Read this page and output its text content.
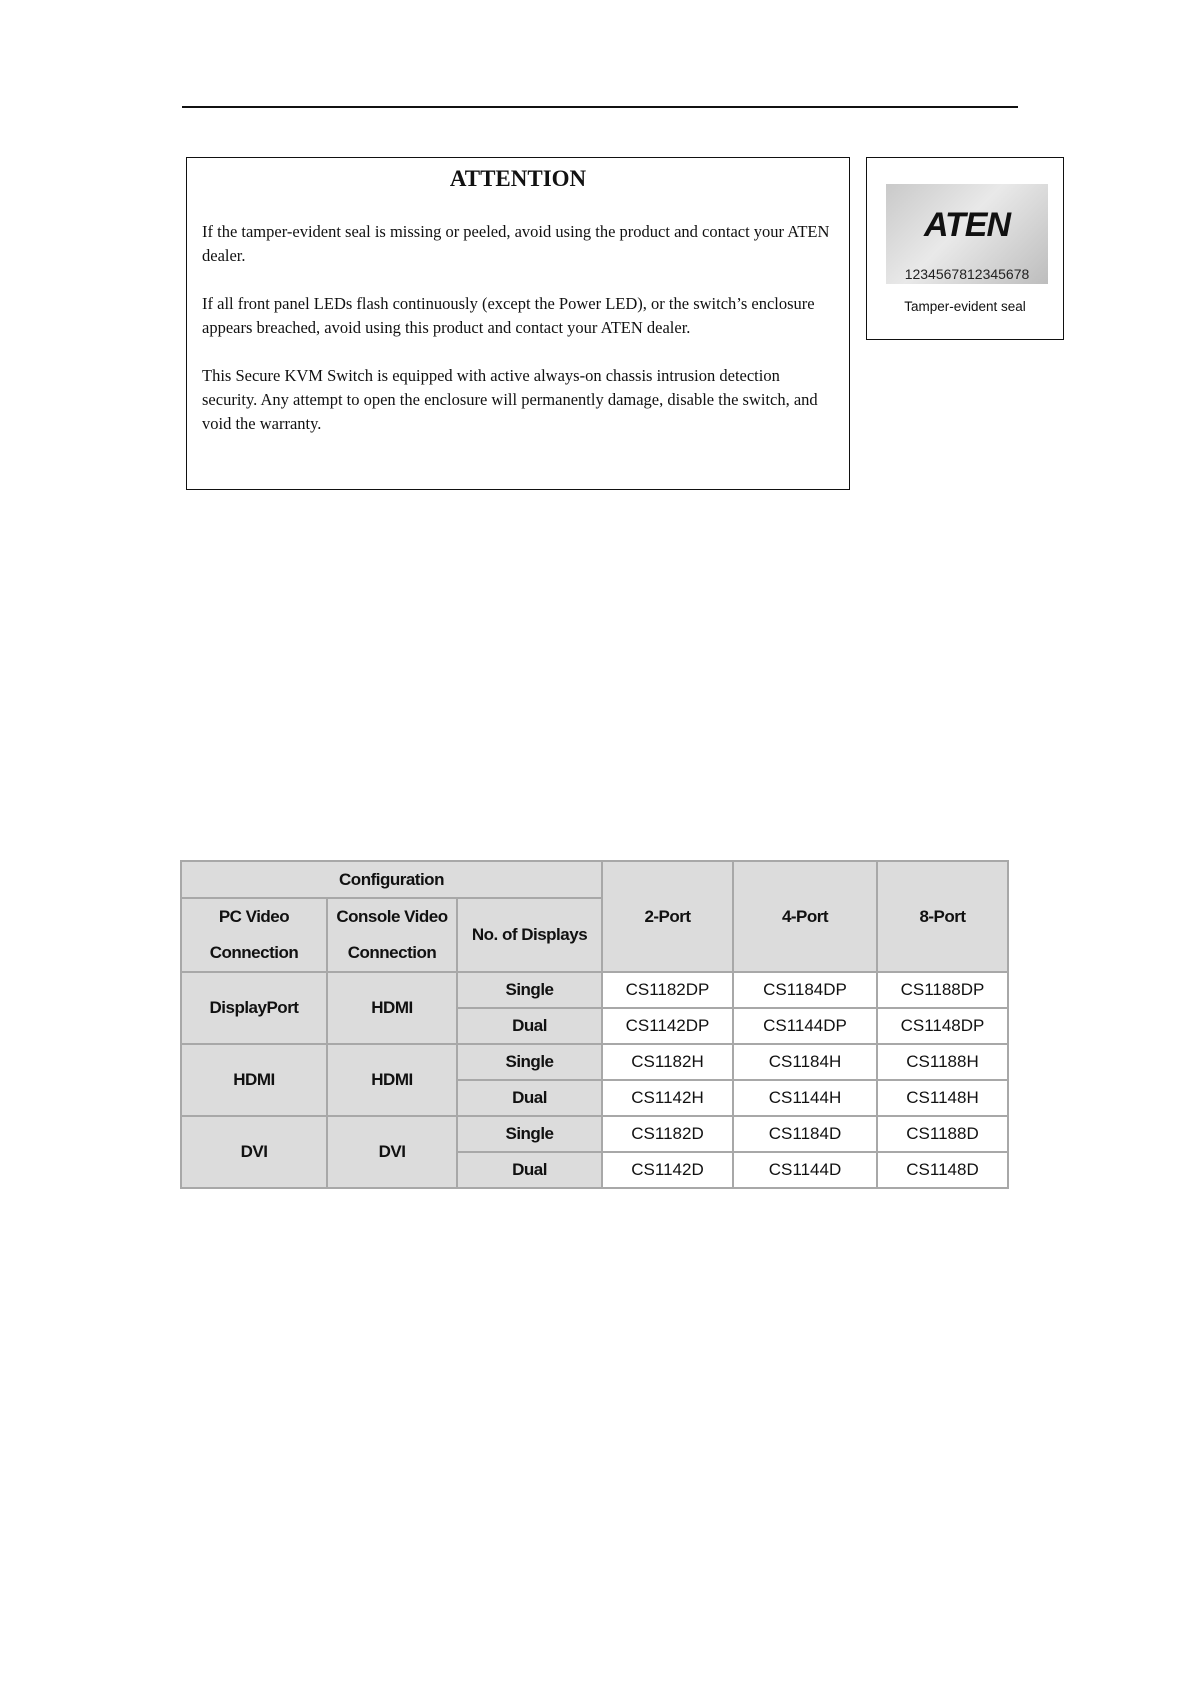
ATTENTION

If the tamper-evident seal is missing or peeled, avoid using the product and contact your ATEN dealer.

If all front panel LEDs flash continuously (except the Power LED), or the switch’s enclosure appears breached, avoid using this product and contact your ATEN dealer.

This Secure KVM Switch is equipped with active always-on chassis intrusion detection security. Any attempt to open the enclosure will permanently damage, disable the switch, and void the warranty.

ATEN
1234567812345678
Tamper-evident seal
Configuration			2-Port	4-Port	8-Port
PC Video Connection	Console Video Connection	No. of Displays			
DisplayPort	HDMI	Single	CS1182DP	CS1184DP	CS1188DP
		Dual	CS1142DP	CS1144DP	CS1148DP
HDMI	HDMI	Single	CS1182H	CS1184H	CS1188H
		Dual	CS1142H	CS1144H	CS1148H
DVI	DVI	Single	CS1182D	CS1184D	CS1188D
		Dual	CS1142D	CS1144D	CS1148D
